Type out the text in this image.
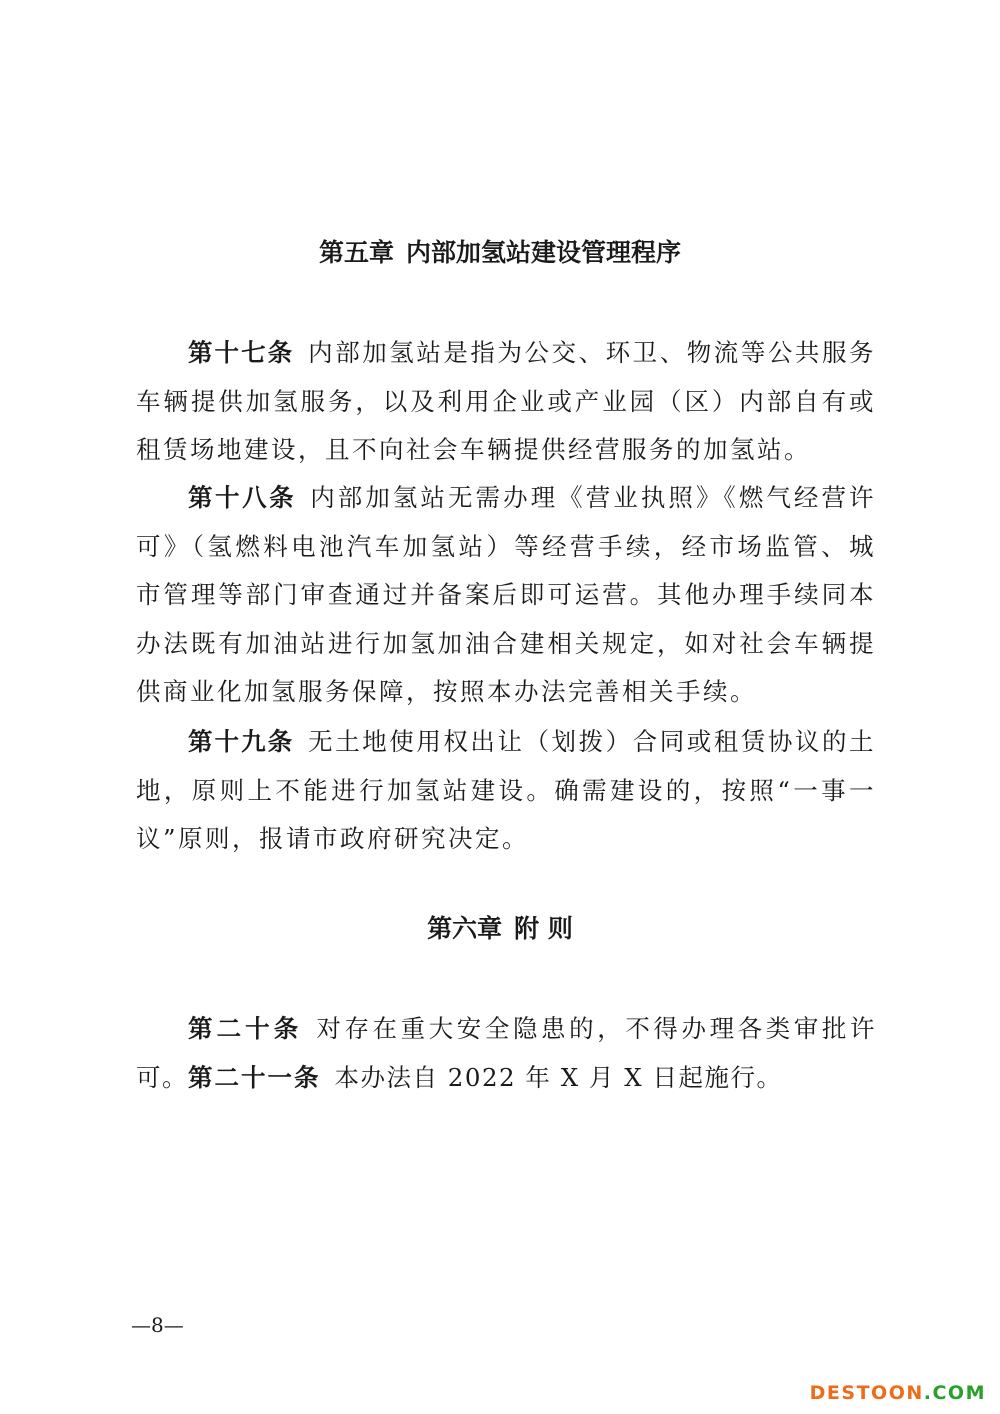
第五章 内部加氢站建设管理程序

第十七条 内部加氢站是指为公交、环卫、物流等公共服务车辆提供加氢服务，以及利用企业或产业园（区）内部自有或租赁场地建设，且不向社会车辆提供经营服务的加氢站。

第十八条 内部加氢站无需办理《营业执照》《燃气经营许可》（氢燃料电池汽车加氢站）等经营手续，经市场监管、城市管理等部门审查通过并备案后即可运营。其他办理手续同本办法既有加油站进行加氢加油合建相关规定，如对社会车辆提供商业化加氢服务保障，按照本办法完善相关手续。

第十九条 无土地使用权出让（划拨）合同或租赁协议的土地，原则上不能进行加氢站建设。确需建设的，按照“一事一议”原则，报请市政府研究决定。

第六章 附 则

第二十条 对存在重大安全隐患的，不得办理各类审批许可。 第二十一条 本办法自 2022 年 X 月 X 日起施行。

—8—
DESTOON.COM
